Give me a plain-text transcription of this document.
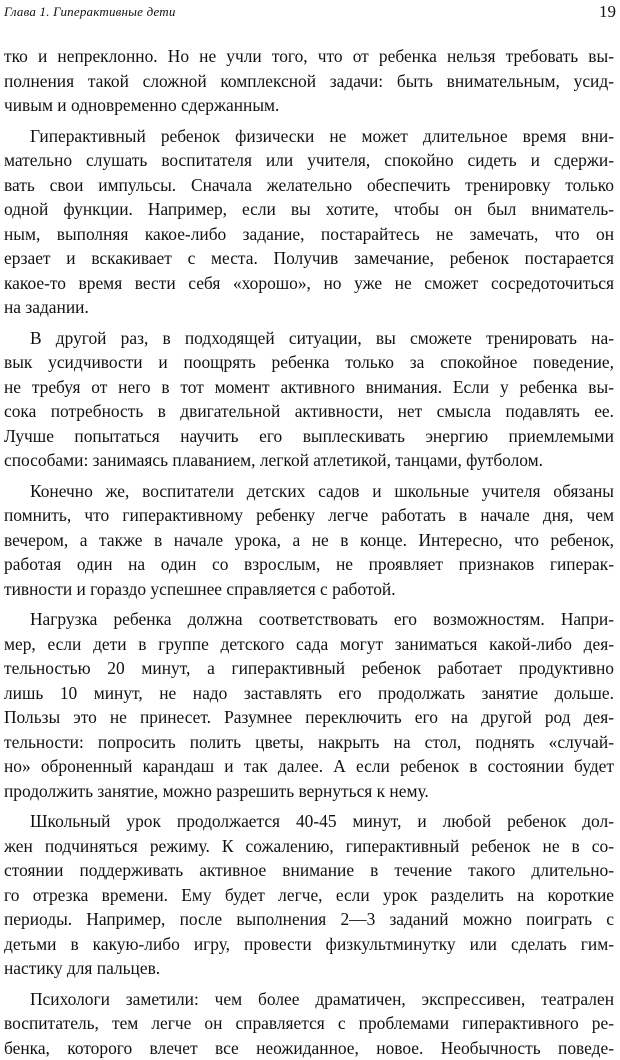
Глава 1. Гиперактивные дети	19
тко и непреклонно. Но не учли того, что от ребенка нельзя требовать вы-
полнения такой сложной комплексной задачи: быть внимательным, усид-
чивым и одновременно сдержанным.
Гиперактивный ребенок физически не может длительное время вни-
мательно слушать воспитателя или учителя, спокойно сидеть и сдержи-
вать свои импульсы. Сначала желательно обеспечить тренировку только
одной функции. Например, если вы хотите, чтобы он был вниматель-
ным, выполняя какое-либо задание, постарайтесь не замечать, что он
ерзает и вскакивает с места. Получив замечание, ребенок постарается
какое-то время вести себя «хорошо», но уже не сможет сосредоточиться
на задании.
В другой раз, в подходящей ситуации, вы сможете тренировать на-
вык усидчивости и поощрять ребенка только за спокойное поведение,
не требуя от него в тот момент активного внимания. Если у ребенка вы-
сока потребность в двигательной активности, нет смысла подавлять ее.
Лучше попытаться научить его выплескивать энергию приемлемыми
способами: занимаясь плаванием, легкой атлетикой, танцами, футболом.
Конечно же, воспитатели детских садов и школьные учителя обязаны
помнить, что гиперактивному ребенку легче работать в начале дня, чем
вечером, а также в начале урока, а не в конце. Интересно, что ребенок,
работая один на один со взрослым, не проявляет признаков гиперак-
тивности и гораздо успешнее справляется с работой.
Нагрузка ребенка должна соответствовать его возможностям. Напри-
мер, если дети в группе детского сада могут заниматься какой-либо дея-
тельностью 20 минут, а гиперактивный ребенок работает продуктивно
лишь 10 минут, не надо заставлять его продолжать занятие дольше.
Пользы это не принесет. Разумнее переключить его на другой род дея-
тельности: попросить полить цветы, накрыть на стол, поднять «случай-
но» оброненный карандаш и так далее. А если ребенок в состоянии будет
продолжить занятие, можно разрешить вернуться к нему.
Школьный урок продолжается 40-45 минут, и любой ребенок дол-
жен подчиняться режиму. К сожалению, гиперактивный ребенок не в со-
стоянии поддерживать активное внимание в течение такого длительно-
го отрезка времени. Ему будет легче, если урок разделить на короткие
периоды. Например, после выполнения 2—3 заданий можно поиграть с
детьми в какую-либо игру, провести физкультминутку или сделать гим-
настику для пальцев.
Психологи заметили: чем более драматичен, экспрессивен, театрален
воспитатель, тем легче он справляется с проблемами гиперактивного ре-
бенка, которого влечет все неожиданное, новое. Необычность поведе-
